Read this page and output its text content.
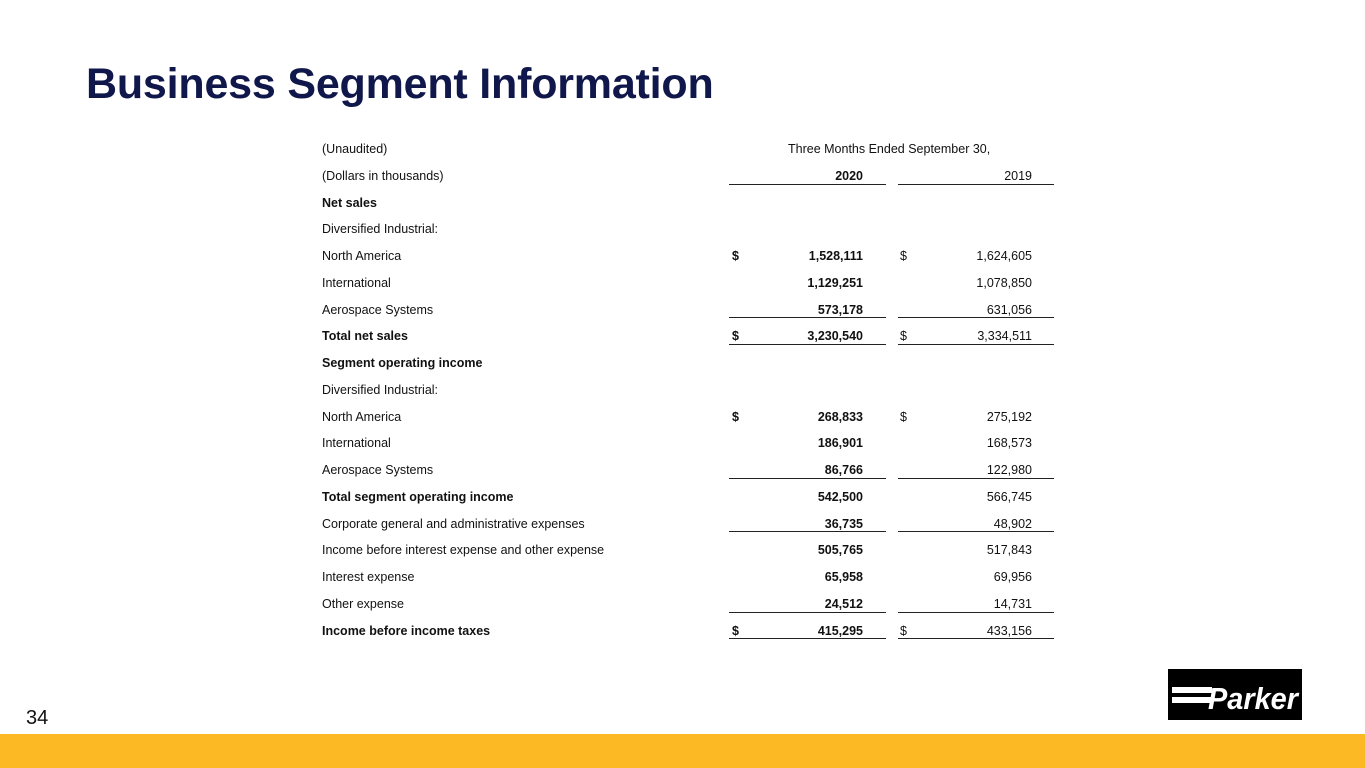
Business Segment Information
(Unaudited)	Three Months Ended September 30,
(Dollars in thousands)	2020	2019
Net sales
Diversified Industrial:
North America	$	1,528,111	$	1,624,605
International	1,129,251	1,078,850
Aerospace Systems	573,178	631,056
Total net sales	$	3,230,540	$	3,334,511
Segment operating income
Diversified Industrial:
North America	$	268,833	$	275,192
International	186,901	168,573
Aerospace Systems	86,766	122,980
Total segment operating income	542,500	566,745
Corporate general and administrative expenses	36,735	48,902
Income before interest expense and other expense	505,765	517,843
Interest expense	65,958	69,956
Other expense	24,512	14,731
Income before income taxes	$	415,295	$	433,156
34
Parker
